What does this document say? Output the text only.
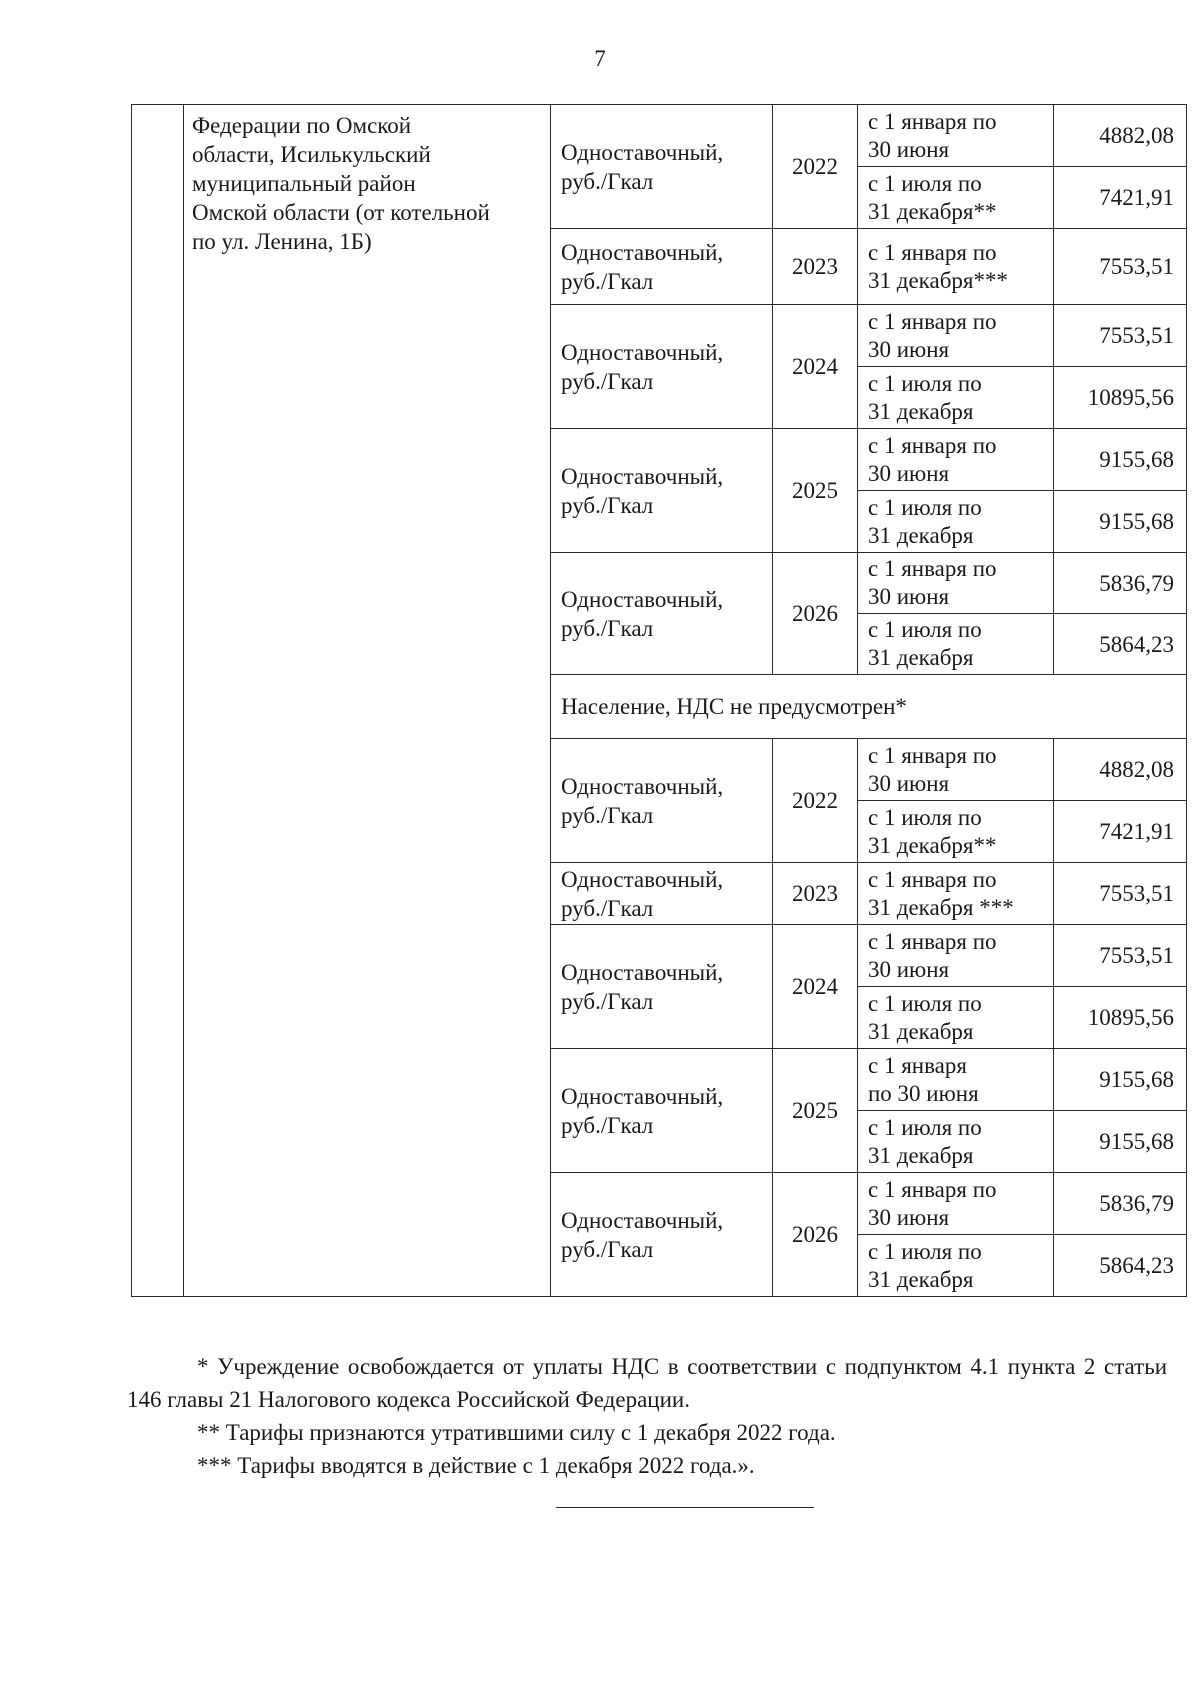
7

	Федерации по Омской
области, Исилькульский
муниципальный район
Омской области (от котельной
по ул. Ленина, 1Б)	Одноставочный,
руб./Гкал	2022	с 1 января по
30 июня	4882,08

				с 1 июля по
31 декабря**	7421,91

		Одноставочный,
руб./Гкал	2023	с 1 января по
31 декабря***	7553,51

		Одноставочный,
руб./Гкал	2024	с 1 января по
30 июня	7553,51

				с 1 июля по
31 декабря	10895,56

		Одноставочный,
руб./Гкал	2025	с 1 января по
30 июня	9155,68

				с 1 июля по
31 декабря	9155,68

		Одноставочный,
руб./Гкал	2026	с 1 января по
30 июня	5836,79

				с 1 июля по
31 декабря	5864,23
		Население, НДС не предусмотрен*			

		Одноставочный,
руб./Гкал	2022	с 1 января по
30 июня	4882,08

				с 1 июля по
31 декабря**	7421,91

		Одноставочный,
руб./Гкал	2023	с 1 января по
31 декабря ***	7553,51

		Одноставочный,
руб./Гкал	2024	с 1 января по
30 июня	7553,51

				с 1 июля по
31 декабря	10895,56

		Одноставочный,
руб./Гкал	2025	с 1 января
по 30 июня	9155,68

				с 1 июля по
31 декабря	9155,68

		Одноставочный,
руб./Гкал	2026	с 1 января по
30 июня	5836,79

				с 1 июля по
31 декабря	5864,23

* Учреждение освобождается от уплаты НДС в соответствии с подпунктом 4.1 пункта 2 статьи 146 главы 21 Налогового кодекса Российской Федерации.

** Тарифы признаются утратившими силу с 1 декабря 2022 года.

*** Тарифы вводятся в действие с 1 декабря 2022 года.».
